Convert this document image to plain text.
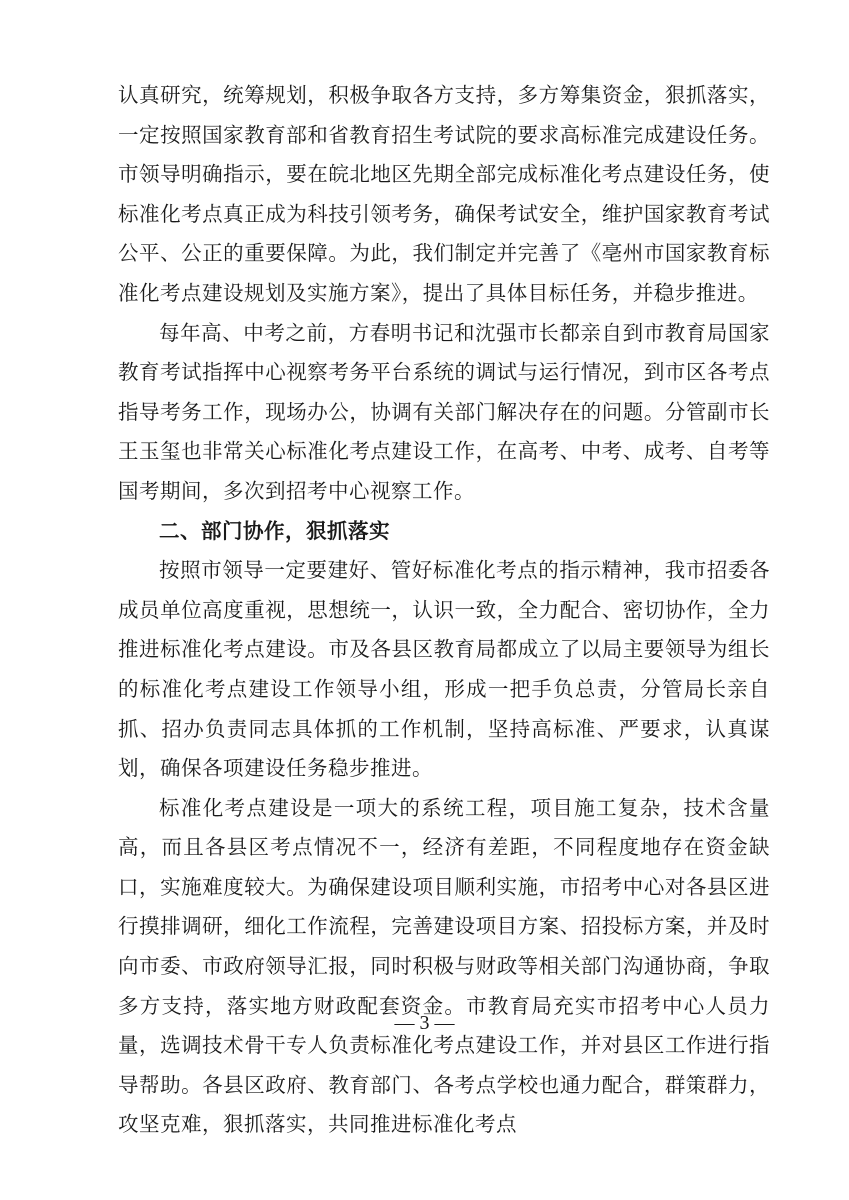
认真研究，统筹规划，积极争取各方支持，多方筹集资金，狠抓落实，一定按照国家教育部和省教育招生考试院的要求高标准完成建设任务。市领导明确指示，要在皖北地区先期全部完成标准化考点建设任务，使标准化考点真正成为科技引领考务，确保考试安全，维护国家教育考试公平、公正的重要保障。为此，我们制定并完善了《亳州市国家教育标准化考点建设规划及实施方案》，提出了具体目标任务，并稳步推进。

每年高、中考之前，方春明书记和沈强市长都亲自到市教育局国家教育考试指挥中心视察考务平台系统的调试与运行情况，到市区各考点指导考务工作，现场办公，协调有关部门解决存在的问题。分管副市长王玉玺也非常关心标准化考点建设工作，在高考、中考、成考、自考等国考期间，多次到招考中心视察工作。

二、部门协作，狠抓落实

按照市领导一定要建好、管好标准化考点的指示精神，我市招委各成员单位高度重视，思想统一，认识一致，全力配合、密切协作，全力推进标准化考点建设。市及各县区教育局都成立了以局主要领导为组长的标准化考点建设工作领导小组，形成一把手负总责，分管局长亲自抓、招办负责同志具体抓的工作机制，坚持高标准、严要求，认真谋划，确保各项建设任务稳步推进。

标准化考点建设是一项大的系统工程，项目施工复杂，技术含量高，而且各县区考点情况不一，经济有差距，不同程度地存在资金缺口，实施难度较大。为确保建设项目顺利实施，市招考中心对各县区进行摸排调研，细化工作流程，完善建设项目方案、招投标方案，并及时向市委、市政府领导汇报，同时积极与财政等相关部门沟通协商，争取多方支持，落实地方财政配套资金。市教育局充实市招考中心人员力量，选调技术骨干专人负责标准化考点建设工作，并对县区工作进行指导帮助。各县区政府、教育部门、各考点学校也通力配合，群策群力，攻坚克难，狠抓落实，共同推进标准化考点

— 3 —
